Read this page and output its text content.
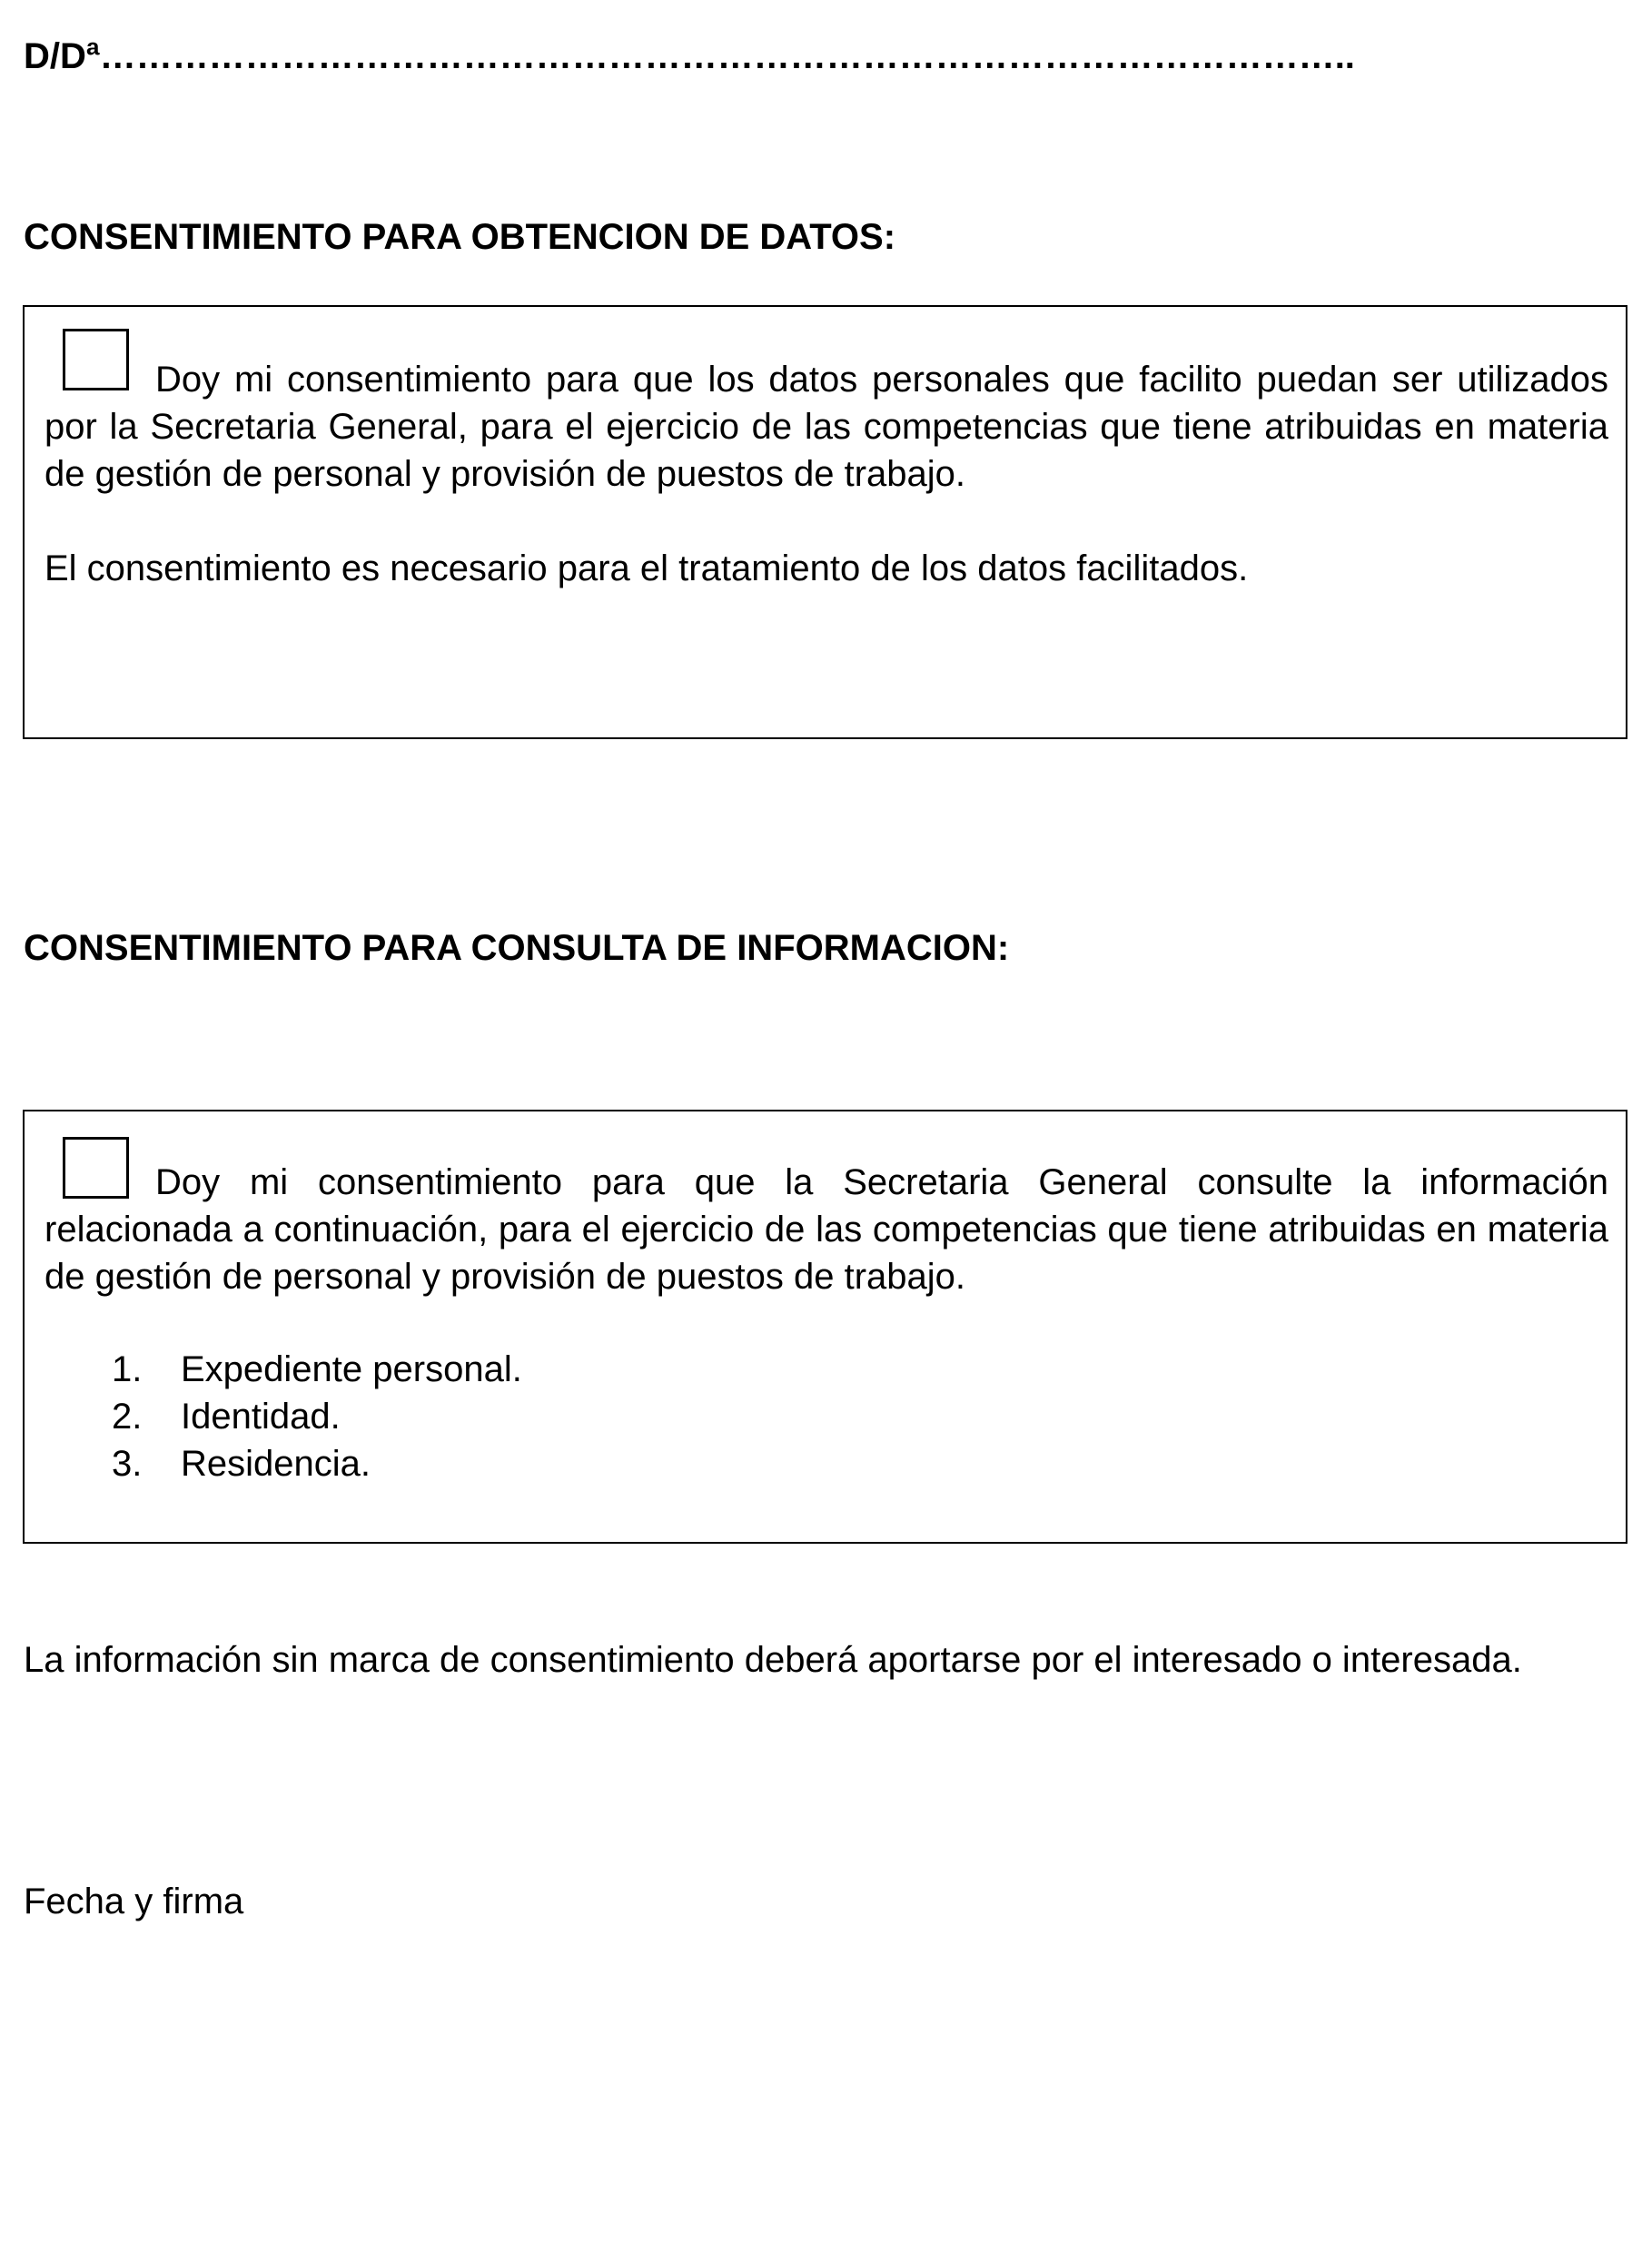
D/Dª…………………………………………………………………………………………..
CONSENTIMIENTO PARA OBTENCION DE DATOS:
Doy mi consentimiento para que los datos personales que facilito puedan ser utilizados por la Secretaria General, para el ejercicio de las competencias que tiene atribuidas en materia de gestión de personal y provisión de puestos de trabajo.
El consentimiento es necesario para el tratamiento de los datos facilitados.
CONSENTIMIENTO PARA CONSULTA DE INFORMACION:
Doy mi consentimiento para que la Secretaria General consulte la información relacionada a continuación, para el ejercicio de las competencias que tiene atribuidas en materia de gestión de personal y provisión de puestos de trabajo.
1.	Expediente personal.
2.	Identidad.
3.	Residencia.
La información sin marca de consentimiento deberá aportarse por el interesado o interesada.
Fecha y firma
